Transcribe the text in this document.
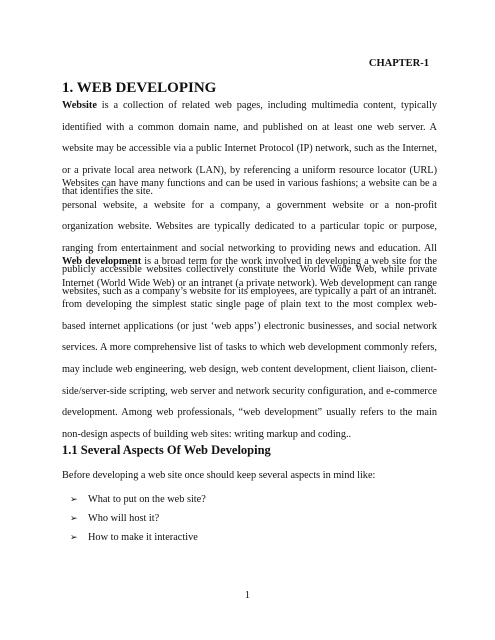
CHAPTER-1
1. WEB DEVELOPING

Website is a collection of related web pages, including multimedia content, typically identified with a common domain name, and published on at least one web server. A website may be accessible via a public Internet Protocol (IP) network, such as the Internet, or a private local area network (LAN), by referencing a uniform resource locator (URL) that identifies the site.

Websites can have many functions and can be used in various fashions; a website can be a personal website, a website for a company, a government website or a non-profit organization website. Websites are typically dedicated to a particular topic or purpose, ranging from entertainment and social networking to providing news and education. All publicly accessible websites collectively constitute the World Wide Web, while private websites, such as a company’s website for its employees, are typically a part of an intranet.

Web development is a broad term for the work involved in developing a web site for the Internet (World Wide Web) or an intranet (a private network). Web development can range from developing the simplest static single page of plain text to the most complex web-based internet applications (or just ‘web apps’) electronic businesses, and social network services. A more comprehensive list of tasks to which web development commonly refers, may include web engineering, web design, web content development, client liaison, client-side/server-side scripting, web server and network security configuration, and e-commerce development. Among web professionals, “web development” usually refers to the main non-design aspects of building web sites: writing markup and coding..

1.1 Several Aspects Of Web Developing

Before developing a web site once should keep several aspects in mind like:

➢ What to put on the web site?
➢ Who will host it?
➢ How to make it interactive
1
